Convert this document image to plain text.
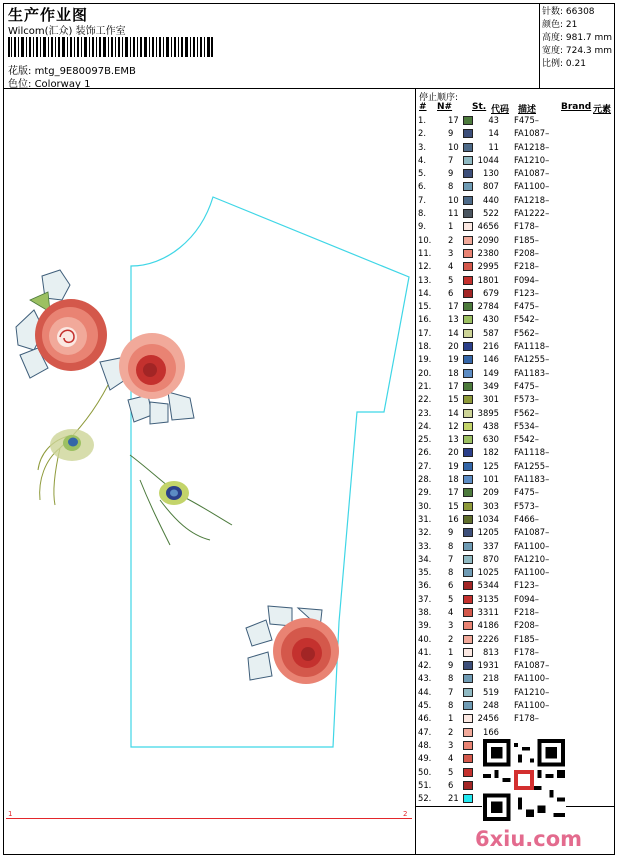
生产作业图
Wilcom(汇众) 装饰工作室
花版: mtg_9E80097B.EMB
色位: Colorway 1
针数: 66308
颜色: 21
高度: 981.7 mm
宽度: 724.3 mm
比例: 0.21
停止顺序:
# N# St. 代码 描述	Brand 元素
1.	17		43		F475–
2.	9		14		FA1087–
3.	10		11		FA1218–
4.	7		1044		FA1210–
5.	9		130		FA1087–
6.	8		807		FA1100–
7.	10		440		FA1218–
8.	11		522		FA1222–
9.	1		4656		F178–
10.	2		2090		F185–
11.	3		2380		F208–
12.	4		2995		F218–
13.	5		1801		F094–
14.	6		679		F123–
15.	17		2784		F475–
16.	13		430		F542–
17.	14		587		F562–
18.	20		216		FA1118–
19.	19		146		FA1255–
20.	18		149		FA1183–
21.	17		349		F475–
22.	15		301		F573–
23.	14		3895		F562–
24.	12		438		F534–
25.	13		630		F542–
26.	20		182		FA1118–
27.	19		125		FA1255–
28.	18		101		FA1183–
29.	17		209		F475–
30.	15		303		F573–
31.	16		1034		F466–
32.	9		1205		FA1087–
33.	8		337		FA1100–
34.	7		870		FA1210–
35.	8		1025		FA1100–
36.	6		5344		F123–
37.	5		3135		F094–
38.	4		3311		F218–
39.	3		4186		F208–
40.	2		2226		F185–
41.	1		813		F178–
42.	9		1931		FA1087–
43.	8		218		FA1100–
44.	7		519		FA1210–
45.	8		248		FA1100–
46.	1		2456		F178–
47.	2		166		
48.	3				
49.	4				
50.	5				
51.	6				
52.	21				
1	2
6xiu.com
